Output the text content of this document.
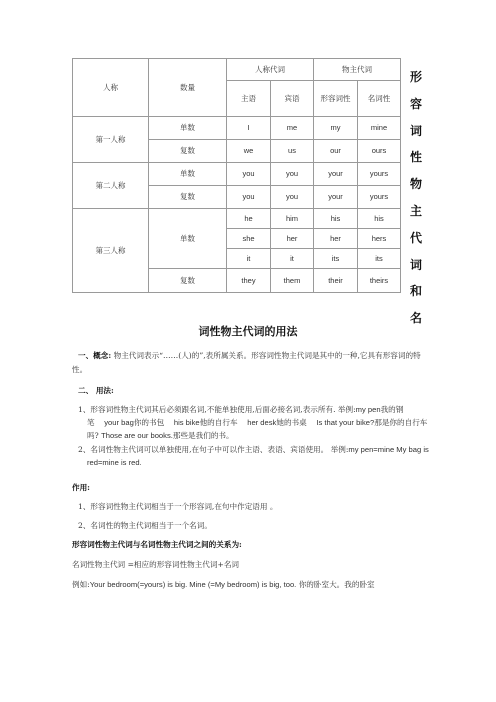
人称	数量	人称代词		物主代词	
		主语	宾语	形容词性	名词性
第一人称	单数	I	me	my	mine
	复数	we	us	our	ours
第二人称	单数	you	you	your	yours
	复数	you	you	your	yours
第三人称	单数	he	him	his	his
		she	her	her	hers
		it	it	its	its
	复数	they	them	their	theirs
形
容
词
性
物
主
代
词
和
名
词性物主代词的用法
一、概念: 物主代词表示“……(人)的”,表所属关系。形容词性物主代词是其中的一种,它具有形容词的特性。
二、 用法:
1、形容词性物主代词其后必须跟名词,不能单独使用,后面必接名词,表示所有. 举例:my pen我的钢笔 your bag你的书包 his bike他的自行车 her desk她的书桌 Is that your bike?那是你的自行车吗? Those are our books.那些是我们的书。
2、名词性物主代词可以单独使用,在句子中可以作主语、表语、宾语使用。 举例:my pen=mine My bag is red=mine is red.
作用:
1、形容词性物主代词相当于一个形容词,在句中作定语用 。
2、名词性的物主代词相当于一个名词。
形容词性物主代词与名词性物主代词之间的关系为:
名词性物主代词 =相应的形容词性物主代词+名词
例如:Your bedroom(=yours) is big. Mine (=My bedroom) is big, too. 你的卧室大。我的卧室
